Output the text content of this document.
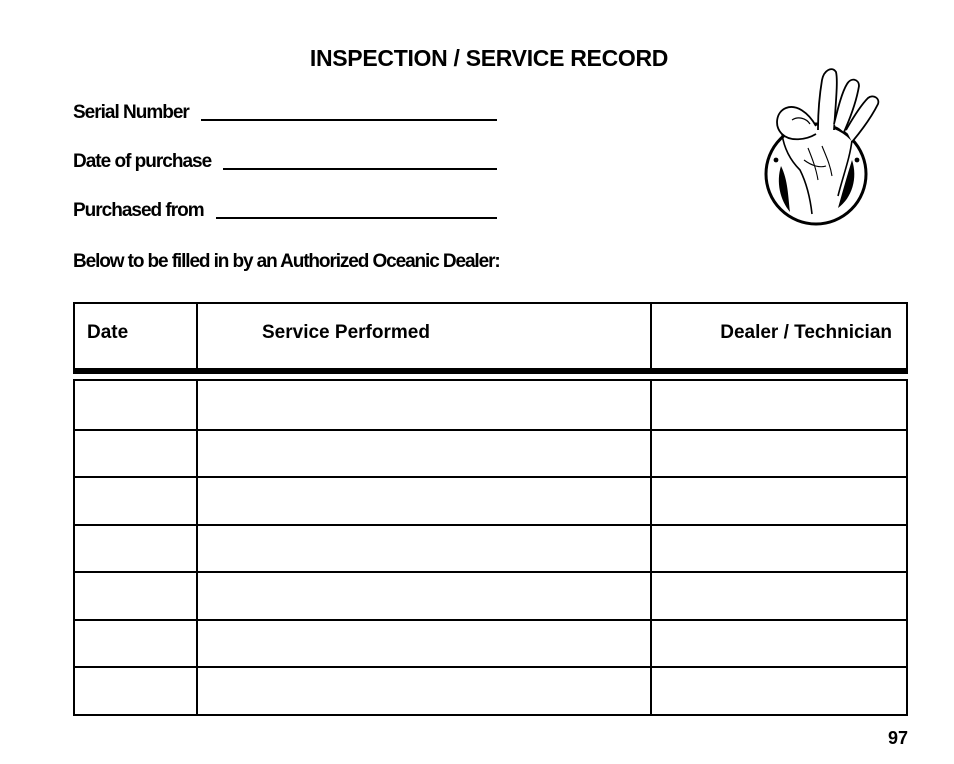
INSPECTION / SERVICE RECORD
Serial Number
Date of purchase
Purchased from
Below to be filled in by an Authorized Oceanic Dealer:
Date	Service Performed	Dealer / Technician
97
